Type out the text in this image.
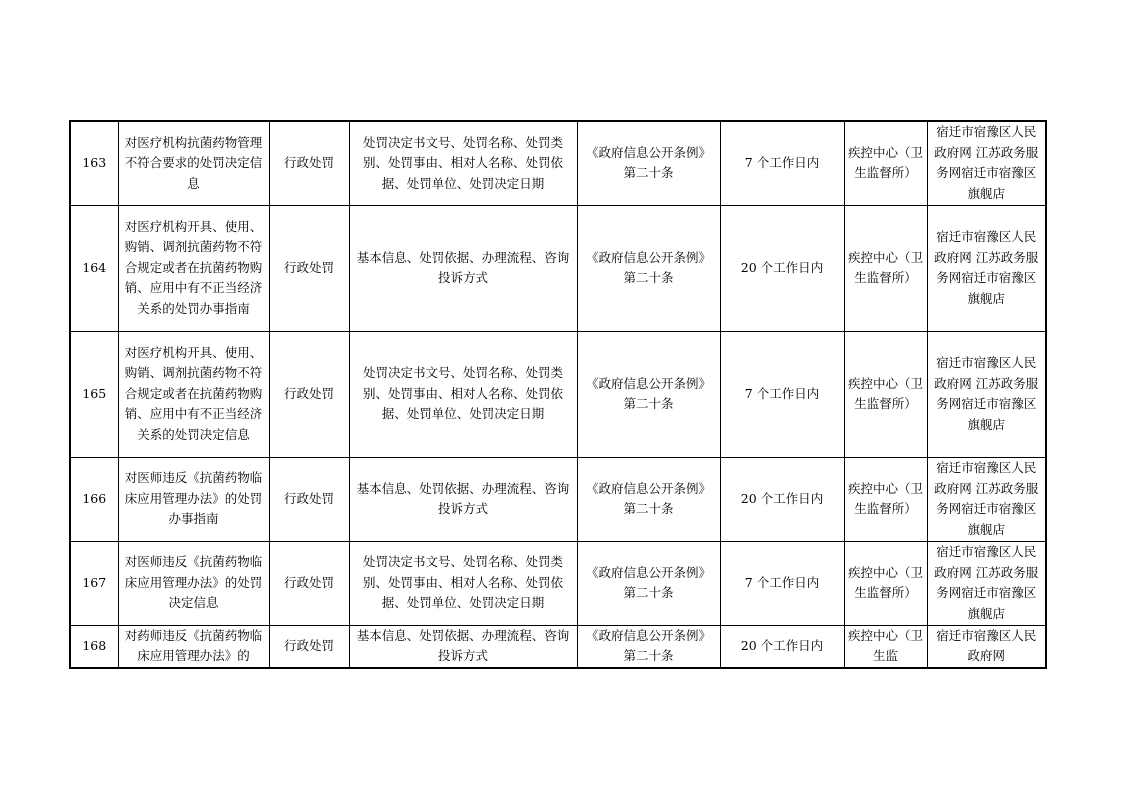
163	对医疗机构抗菌药物管理不符合要求的处罚决定信息	行政处罚	处罚决定书文号、处罚名称、处罚类别、处罚事由、相对人名称、处罚依据、处罚单位、处罚决定日期	《政府信息公开条例》第二十条	7 个工作日内	疾控中心（卫生监督所）	宿迁市宿豫区人民政府网 江苏政务服务网宿迁市宿豫区旗舰店
164	对医疗机构开具、使用、购销、调剂抗菌药物不符合规定或者在抗菌药物购销、应用中有不正当经济关系的处罚办事指南	行政处罚	基本信息、处罚依据、办理流程、咨询投诉方式	《政府信息公开条例》第二十条	20 个工作日内	疾控中心（卫生监督所）	宿迁市宿豫区人民政府网 江苏政务服务网宿迁市宿豫区旗舰店
165	对医疗机构开具、使用、购销、调剂抗菌药物不符合规定或者在抗菌药物购销、应用中有不正当经济关系的处罚决定信息	行政处罚	处罚决定书文号、处罚名称、处罚类别、处罚事由、相对人名称、处罚依据、处罚单位、处罚决定日期	《政府信息公开条例》第二十条	7 个工作日内	疾控中心（卫生监督所）	宿迁市宿豫区人民政府网 江苏政务服务网宿迁市宿豫区旗舰店
166	对医师违反《抗菌药物临床应用管理办法》的处罚办事指南	行政处罚	基本信息、处罚依据、办理流程、咨询投诉方式	《政府信息公开条例》第二十条	20 个工作日内	疾控中心（卫生监督所）	宿迁市宿豫区人民政府网 江苏政务服务网宿迁市宿豫区旗舰店
167	对医师违反《抗菌药物临床应用管理办法》的处罚决定信息	行政处罚	处罚决定书文号、处罚名称、处罚类别、处罚事由、相对人名称、处罚依据、处罚单位、处罚决定日期	《政府信息公开条例》第二十条	7 个工作日内	疾控中心（卫生监督所）	宿迁市宿豫区人民政府网 江苏政务服务网宿迁市宿豫区旗舰店
168	对药师违反《抗菌药物临床应用管理办法》的	行政处罚	基本信息、处罚依据、办理流程、咨询投诉方式	《政府信息公开条例》第二十条	20 个工作日内	疾控中心（卫生监	宿迁市宿豫区人民政府网
